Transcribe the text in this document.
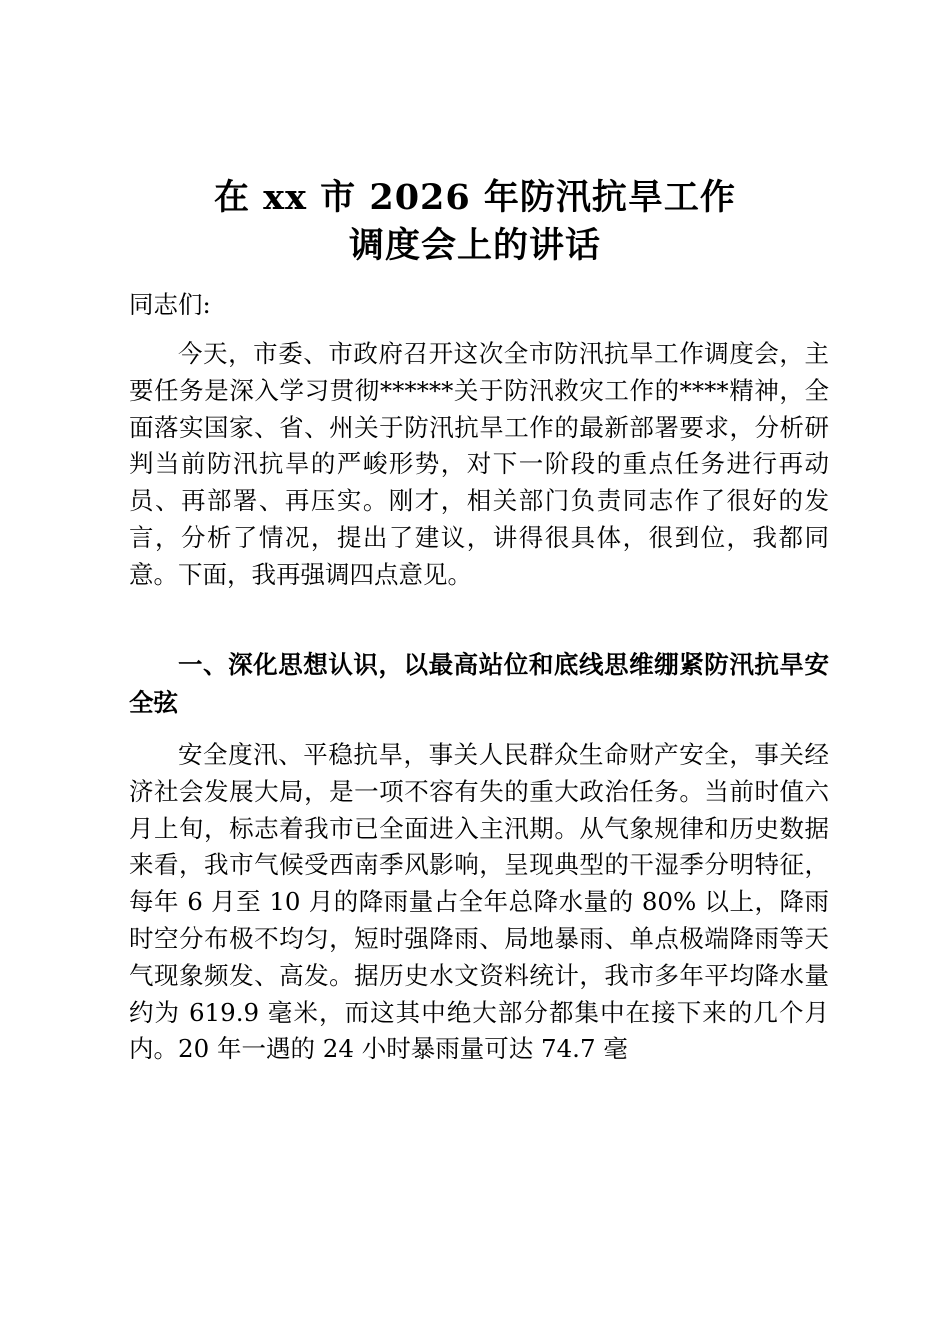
在 xx 市 2026 年防汛抗旱工作
调度会上的讲话
同志们:
今天，市委、市政府召开这次全市防汛抗旱工作调度会，主要任务是深入学习贯彻******关于防汛救灾工作的****精神，全面落实国家、省、州关于防汛抗旱工作的最新部署要求，分析研判当前防汛抗旱的严峻形势，对下一阶段的重点任务进行再动员、再部署、再压实。刚才，相关部门负责同志作了很好的发言，分析了情况，提出了建议，讲得很具体，很到位，我都同意。下面，我再强调四点意见。
一、深化思想认识，以最高站位和底线思维绷紧防汛抗旱安全弦
安全度汛、平稳抗旱，事关人民群众生命财产安全，事关经济社会发展大局，是一项不容有失的重大政治任务。当前时值六月上旬，标志着我市已全面进入主汛期。从气象规律和历史数据来看，我市气候受西南季风影响，呈现典型的干湿季分明特征，每年 6 月至 10 月的降雨量占全年总降水量的 80% 以上，降雨时空分布极不均匀，短时强降雨、局地暴雨、单点极端降雨等天气现象频发、高发。据历史水文资料统计，我市多年平均降水量约为 619.9 毫米，而这其中绝大部分都集中在接下来的几个月内。20 年一遇的 24 小时暴雨量可达 74.7 毫
